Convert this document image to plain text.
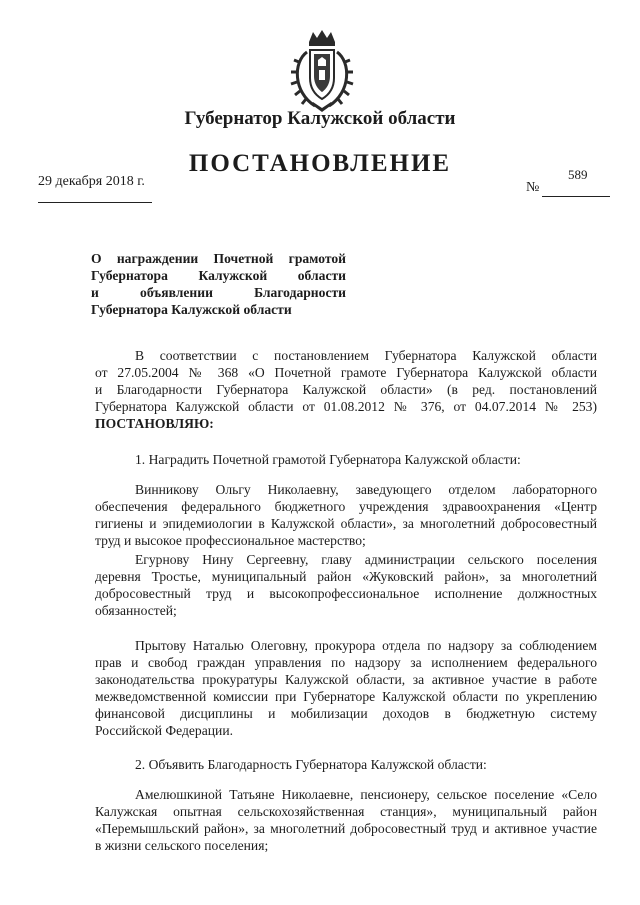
Губернатор Калужской области
ПОСТАНОВЛЕНИЕ
29 декабря 2018 г.	№
589
О награждении Почетной грамотой
Губернатора Калужской области
и объявлении Благодарности
Губернатора Калужской области
В соответствии с постановлением Губернатора Калужской области
от 27.05.2004 № 368 «О Почетной грамоте Губернатора Калужской области
и Благодарности Губернатора Калужской области» (в ред. постановлений
Губернатора Калужской области от 01.08.2012 № 376, от 04.07.2014 № 253)
ПОСТАНОВЛЯЮ:
1. Наградить Почетной грамотой Губернатора Калужской области:
Винникову Ольгу Николаевну, заведующего отделом лабораторного
обеспечения федерального бюджетного учреждения здравоохранения «Центр
гигиены и эпидемиологии в Калужской области», за многолетний добросовестный
труд и высокое профессиональное мастерство;
Егурнову Нину Сергеевну, главу администрации сельского поселения
деревня Тростье, муниципальный район «Жуковский район», за многолетний
добросовестный труд и высокопрофессиональное исполнение должностных
обязанностей;
Прытову Наталью Олеговну, прокурора отдела по надзору за соблюдением
прав и свобод граждан управления по надзору за исполнением федерального
законодательства прокуратуры Калужской области, за активное участие в работе
межведомственной комиссии при Губернаторе Калужской области по укреплению
финансовой дисциплины и мобилизации доходов в бюджетную систему
Российской Федерации.
2. Объявить Благодарность Губернатора Калужской области:
Амелюшкиной Татьяне Николаевне, пенсионеру, сельское поселение «Село
Калужская опытная сельскохозяйственная станция», муниципальный район
«Перемышльский район», за многолетний добросовестный труд и активное участие
в жизни сельского поселения;
